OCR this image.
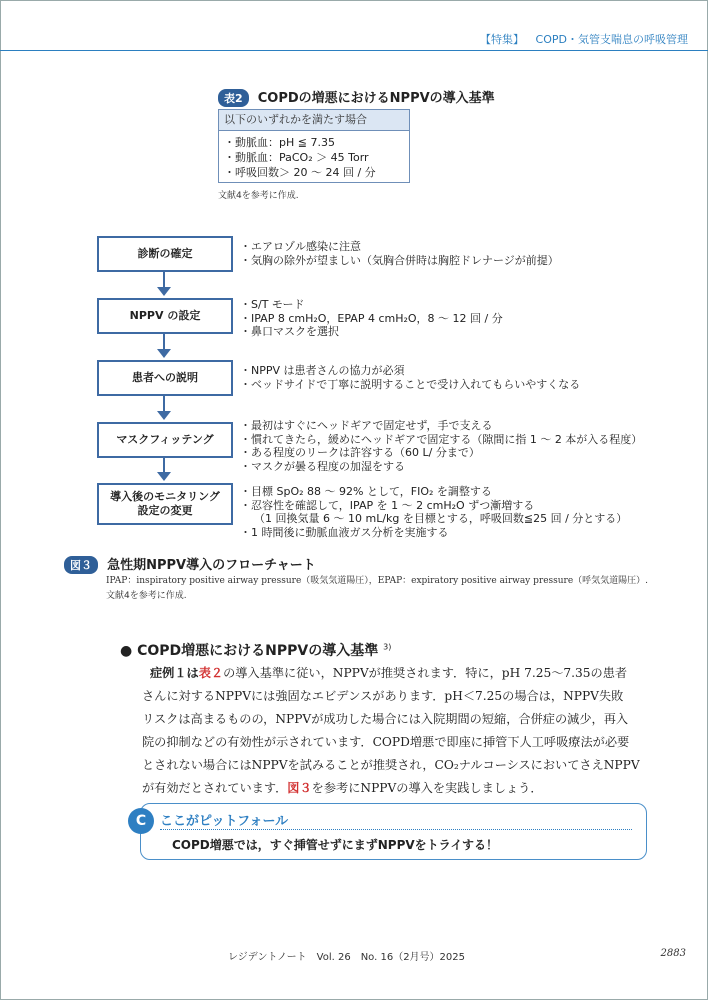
【特集】 COPD・気管支喘息の呼吸管理
表2 COPDの増悪におけるNPPVの導入基準
以下のいずれかを満たす場合
・動脈血：pH ≦ 7.35
・動脈血：PaCO₂ ＞ 45 Torr
・呼吸回数＞ 20 〜 24 回 / 分
文献4を参考に作成.
診断の確定
NPPV の設定
患者への説明
マスクフィッテング
導入後のモニタリング
設定の変更
・エアロゾル感染に注意
・気胸の除外が望ましい（気胸合併時は胸腔ドレナージが前提）
・S/T モード
・IPAP 8 cmH₂O，EPAP 4 cmH₂O，8 〜 12 回 / 分
・鼻口マスクを選択
・NPPV は患者さんの協力が必須
・ベッドサイドで丁寧に説明することで受け入れてもらいやすくなる
・最初はすぐにヘッドギアで固定せず，手で支える
・慣れてきたら，緩めにヘッドギアで固定する（隙間に指 1 〜 2 本が入る程度）
・ある程度のリークは許容する（60 L/ 分まで）
・マスクが曇る程度の加湿をする
・目標 SpO₂ 88 〜 92% として，FIO₂ を調整する
・忍容性を確認して，IPAP を 1 〜 2 cmH₂O ずつ漸増する
（1 回換気量 6 〜 10 mL/kg を目標とする，呼吸回数≦25 回 / 分とする）
・1 時間後に動脈血液ガス分析を実施する
図３ 急性期NPPV導入のフローチャート
IPAP：inspiratory positive airway pressure（吸気気道陽圧），EPAP：expiratory positive airway pressure（呼気気道陽圧）.
文献4を参考に作成.
● COPD増悪におけるNPPVの導入基準 $^{3)}$
症例１は表２の導入基準に従い，NPPVが推奨されます．特に，pH 7.25〜7.35の患者
さんに対するNPPVには強固なエビデンスがあります．pH＜7.25の場合は，NPPV失敗
リスクは高まるものの，NPPVが成功した場合には入院期間の短縮，合併症の減少，再入
院の抑制などの有効性が示されています．COPD増悪で即座に挿管下人工呼吸療法が必要
とされない場合にはNPPVを試みることが推奨され，CO₂ナルコーシスにおいてさえNPPV
が有効だとされています．図３を参考にNPPVの導入を実践しましょう．
C	ここがピットフォール
COPD増悪では，すぐ挿管せずにまずNPPVをトライする！
レジデントノート　Vol. 26　No. 16（2月号）2025	2883
